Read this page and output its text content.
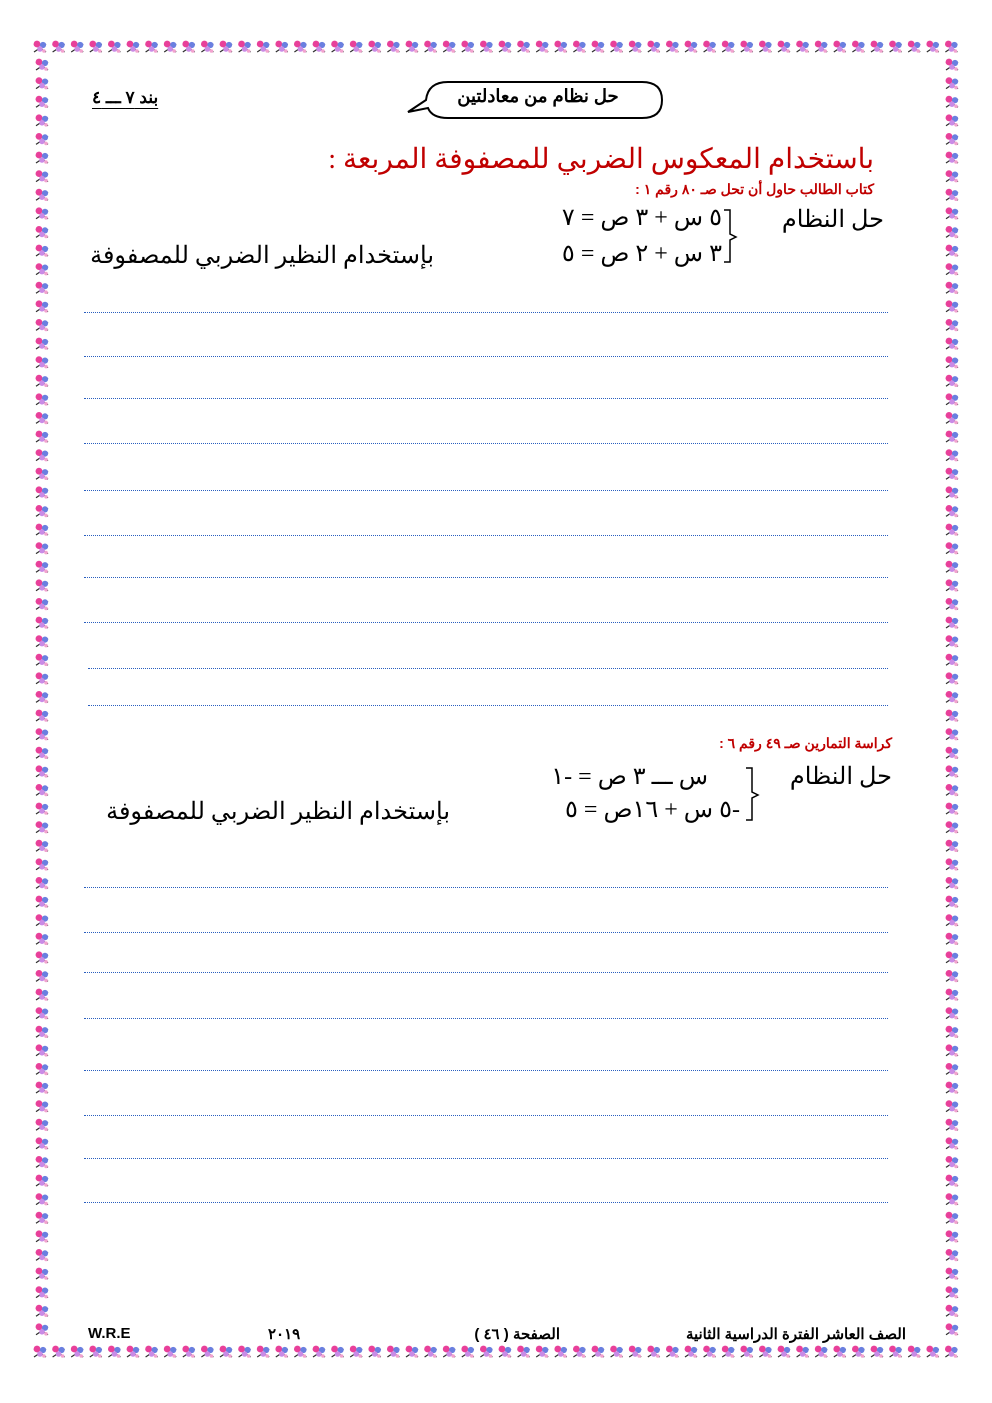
بند ٧ ـــ ٤	حل نظام من معادلتين
باستخدام المعكوس الضربي للمصفوفة المربعة :
كتاب الطالب حاول أن تحل صـ ٨٠ رقم ١ :
حل النظام
٥ س + ٣ ص = ٧
٣ س + ٢ ص = ٥
بإستخدام النظير الضربي للمصفوفة
كراسة التمارين صـ ٤٩ رقم ٦ :
حل النظام
س ـــ ٣ ص = -١
-٥ س + ١٦ص = ٥
بإستخدام النظير الضربي للمصفوفة
الصف العاشر الفترة الدراسية الثانية
الصفحة ( ٤٦ )
٢٠١٩
W.R.E
